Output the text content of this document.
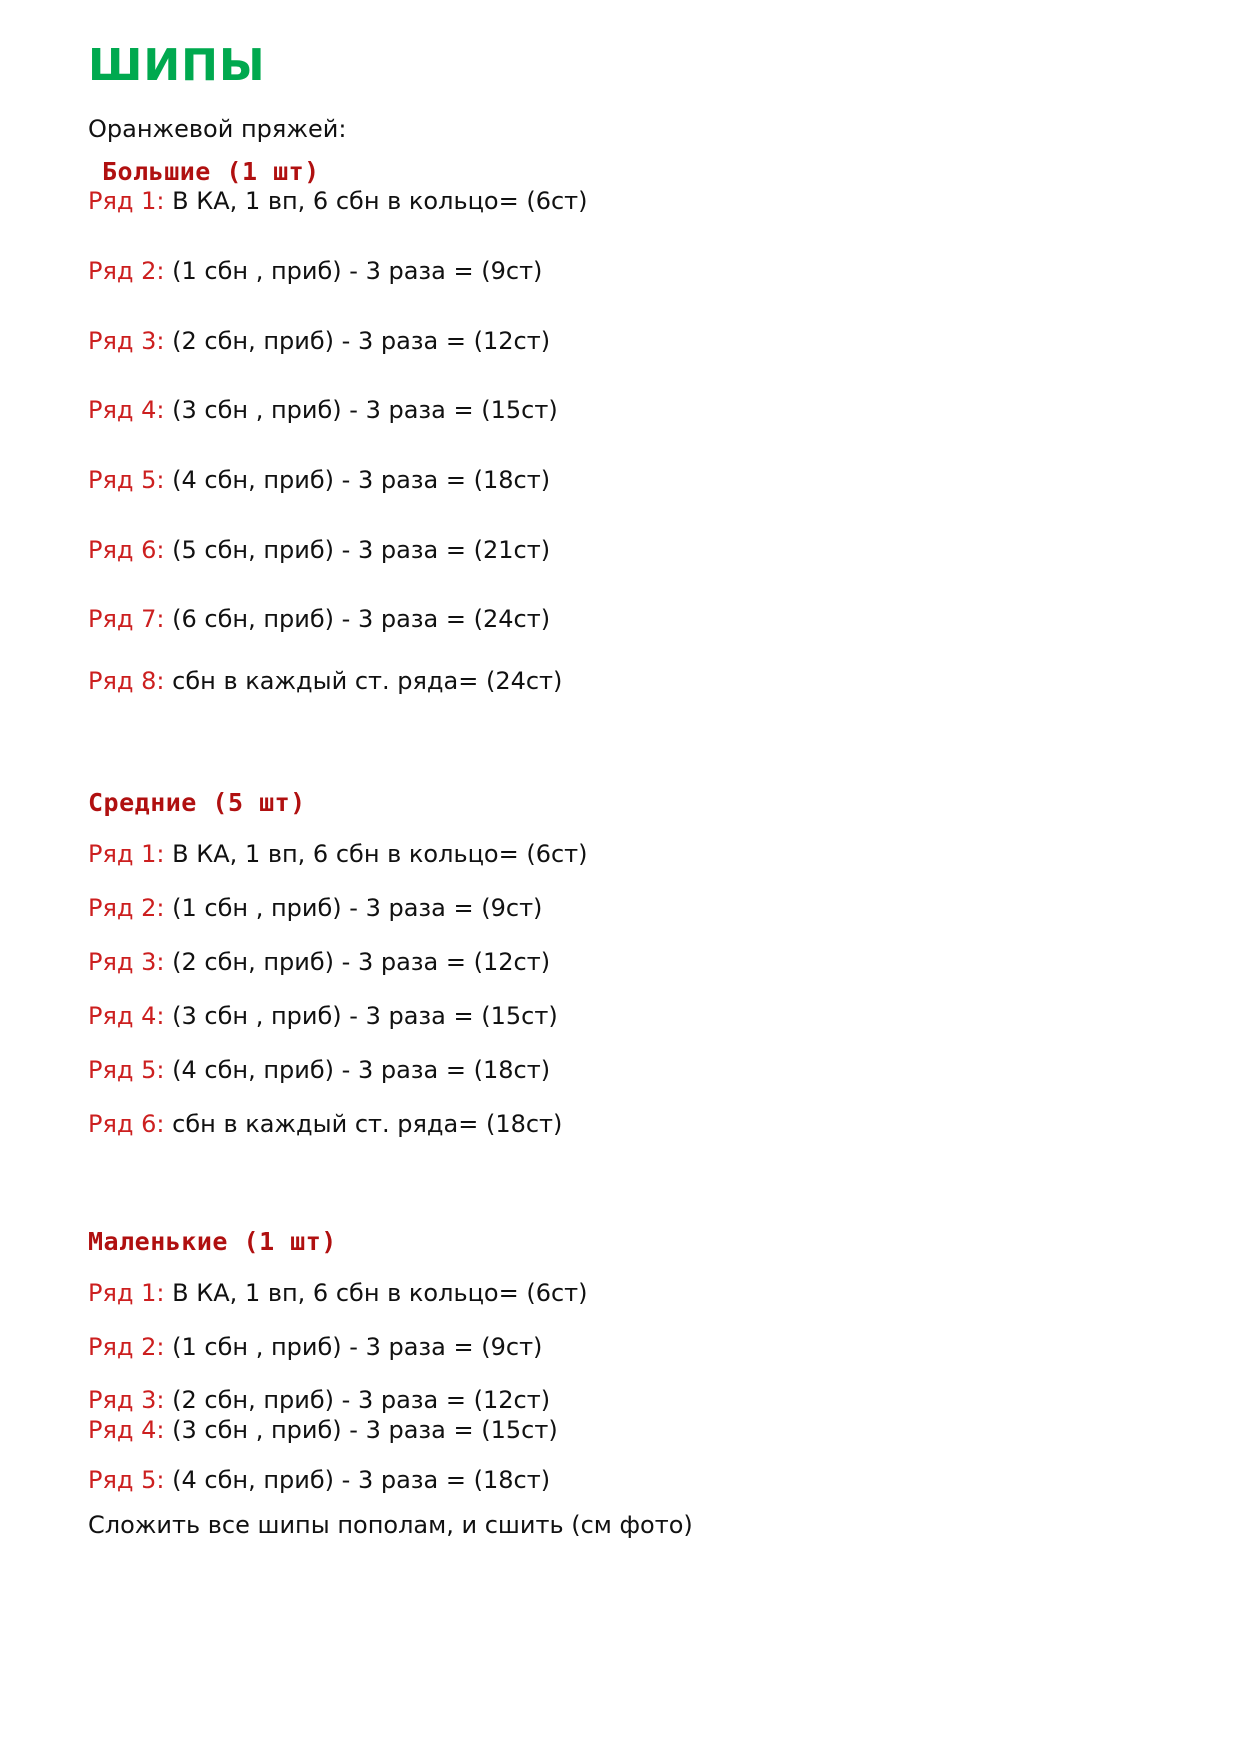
ШИПЫ
Оранжевой пряжей:
Большие (1 шт)
Ряд 1: В КА, 1 вп, 6 сбн в кольцо= (6ст)
Ряд 2: (1 сбн , приб) - 3 раза = (9ст)
Ряд 3: (2 сбн, приб) - 3 раза = (12ст)
Ряд 4: (3 сбн , приб) - 3 раза = (15ст)
Ряд 5: (4 сбн, приб) - 3 раза = (18ст)
Ряд 6: (5 сбн, приб) - 3 раза = (21ст)
Ряд 7: (6 сбн, приб) - 3 раза = (24ст)
Ряд 8: сбн в каждый ст. ряда= (24ст)
Средние (5 шт)
Ряд 1: В КА, 1 вп, 6 сбн в кольцо= (6ст)
Ряд 2: (1 сбн , приб) - 3 раза = (9ст)
Ряд 3: (2 сбн, приб) - 3 раза = (12ст)
Ряд 4: (3 сбн , приб) - 3 раза = (15ст)
Ряд 5: (4 сбн, приб) - 3 раза = (18ст)
Ряд 6: сбн в каждый ст. ряда= (18ст)
Маленькие (1 шт)
Ряд 1: В КА, 1 вп, 6 сбн в кольцо= (6ст)
Ряд 2: (1 сбн , приб) - 3 раза = (9ст)
Ряд 3: (2 сбн, приб) - 3 раза = (12ст)
Ряд 4: (3 сбн , приб) - 3 раза = (15ст)
Ряд 5: (4 сбн, приб) - 3 раза = (18ст)
Сложить все шипы пополам, и сшить (см фото)
